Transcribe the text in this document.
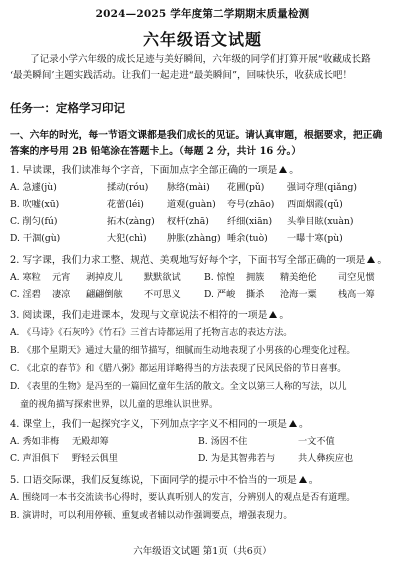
2024—2025 学年度第二学期期末质量检测
六年级语文试题
了记录小学六年级的成长足迹与美好瞬间，六年级的同学们打算开展“收藏成长路
‘最美瞬间’主题实践活动。让我们一起走进“最美瞬间”，回味快乐，收获成长吧！
任务一：定格学习印记
一、六年的时光，每一节语文课都是我们成长的见证。请认真审题，根据要求，把正确
答案的序号用 2B 铅笔涂在答题卡上。（每题 2 分，共计 16 分。）
1. 早读课，我们读准每个字音，下面加点字全部正确的一项是 。
A. 急遽(jù)	揉动(róu)	脉络(mài)	花圃(pǔ)	强词夺理(qiǎng)
B. 吹嘘(xū)	花蕾(léi)	道观(guàn)	夸号(zhāo)	西面烟霞(qǔ)
C. 削匀(fú)	拓木(zàng)	杈杆(zhā)	纤细(xiān)	头拳目眩(xuàn)
D. 干涸(gù)	大犯(chì)	肿胀(zhàng) 唾余(tuò)	一曝十寒(pù)
2. 写字课，我们力求工整、规范、美观地写好每个字，下面书写全部正确的一项是 。
A. 寒粒	元宵	剥掉皮儿	默默欲试	B. 惊惶	拥簇	精美绝伦	司空见惯
C. 淫碧	凄凉	翩翩倒舷	不可思义	D. 严峻	撕杀	沧海一粟	栈高一筹
3. 阅读课，我们走进课本，发现与文章说法不相符的一项是 。
A. 《马诗》《石灰吟》《竹石》三首古诗都运用了托物言志的表达方法。
B. 《那个星期天》通过大量的细节描写，细腻而生动地表现了小男孩的心理变化过程。
C. 《北京的春节》和《腊八粥》都运用详略得当的方法表现了民风民俗的节日喜事。
D. 《表里的生物》是冯至的一篇回忆童年生活的散文。全文以第三人称的写法，以儿
童的视角描写探索世界，以儿童的思维认识世界。
4. 课堂上，我们一起探究字义，下列加点字字义不相同的一项是 。
A. 秀如非梅	无殿却筹	B. 汤因不住	一文不值
C. 声泪俱下	野轻云俱里	D. 为是其智弗若与	共人彝疾应也
5. 口语交际课，我们反复练说，下面同学的提示中不恰当的一项是 。
A. 围绕同一本书交流读书心得时，要认真听别人的发言，分辨别人的观点是否有道理。
B. 演讲时，可以利用停顿、重复或者辅以动作强调要点，增强表现力。
六年级语文试题 第1页（共6页）
